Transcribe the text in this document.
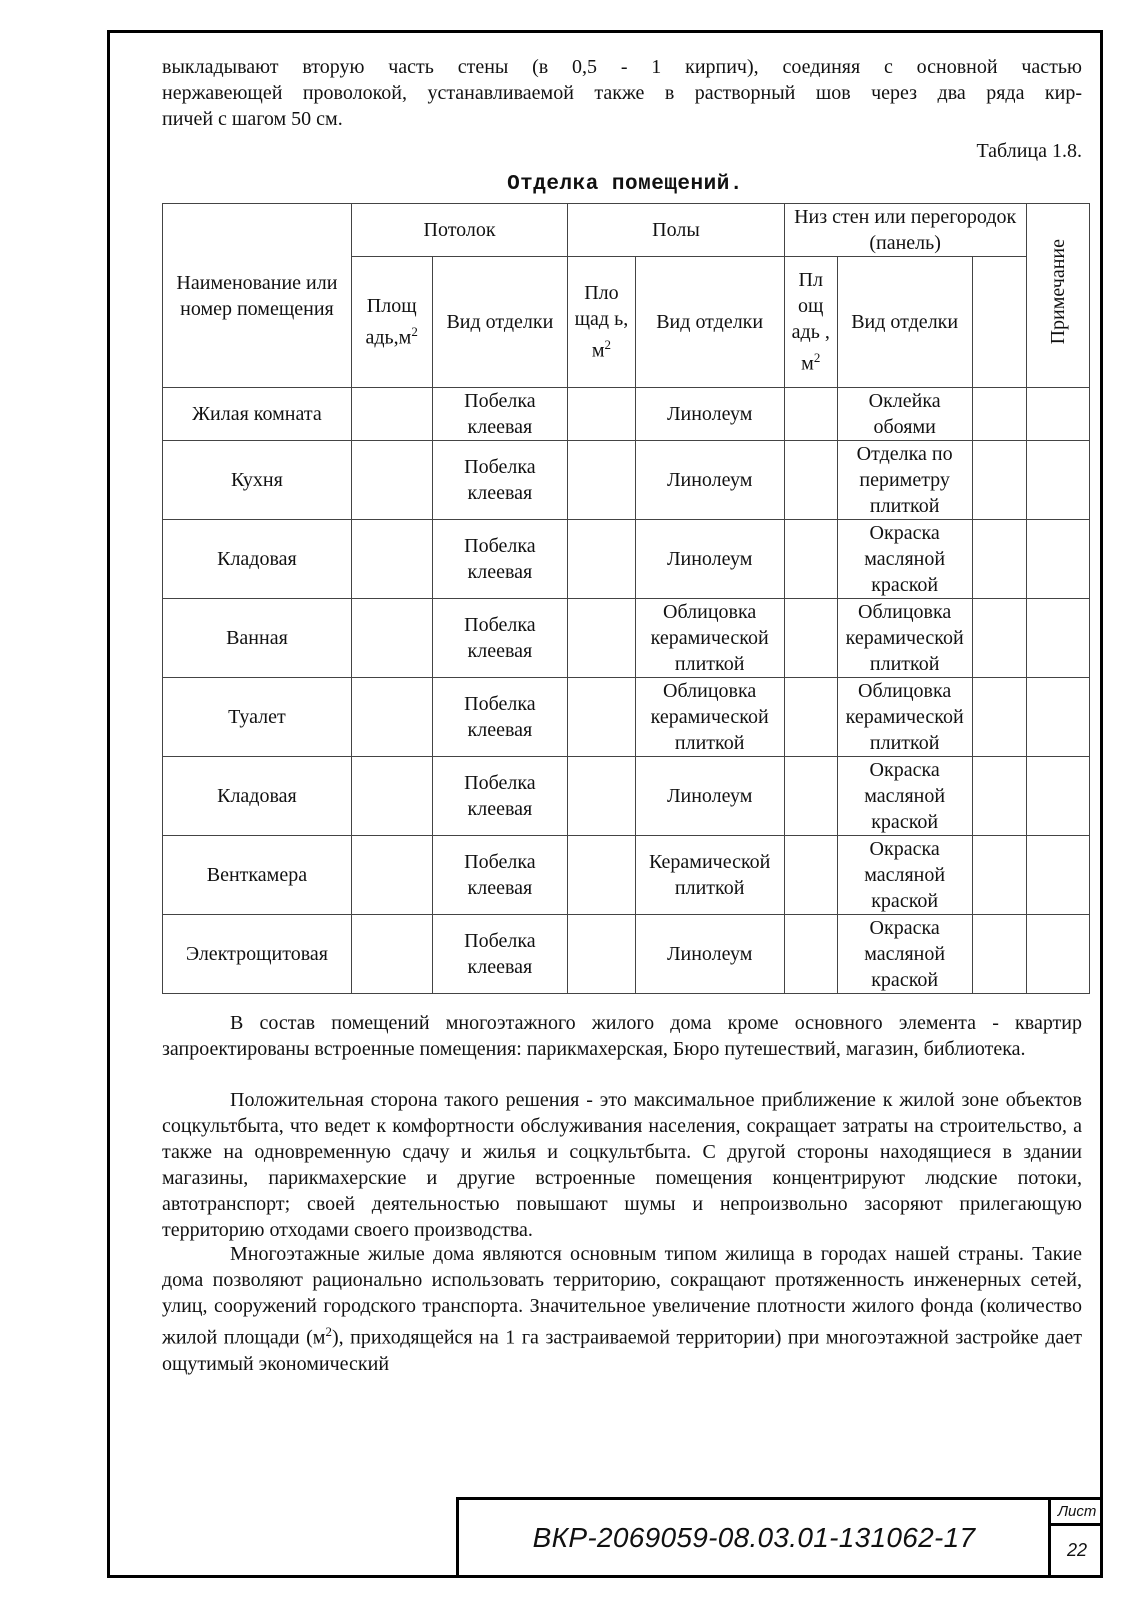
выкладывают вторую часть стены (в 0,5 - 1 кирпич), соединяя с основной частью
нержавеющей проволокой, устанавливаемой также в растворный шов через два ряда кир-
пичей с шагом 50 см.

Таблица 1.8.
Отделка помещений.
Наименование или номер помещения	Потолок		Полы		Низ стен или перегородок (панель)			Примечание
	Площ $адь,м^2$	Вид отделки	Пло щад ь, $м^2$	Вид отделки	Пл ощ адь , $м^2$	Вид отделки		
Жилая комната		Побелка клеевая		Линолеум		Оклейка обоями		
Кухня		Побелка клеевая		Линолеум		Отделка по периметру плиткой		
Кладовая		Побелка клеевая		Линолеум		Окраска масляной краской		
Ванная		Побелка клеевая		Облицовка керамической плиткой		Облицовка керамической плиткой		
Туалет		Побелка клеевая		Облицовка керамической плиткой		Облицовка керамической плиткой		
Кладовая		Побелка клеевая		Линолеум		Окраска масляной краской		
Венткамера		Побелка клеевая		Керамической плиткой		Окраска масляной краской		
Электрощитовая		Побелка клеевая		Линолеум		Окраска масляной краской		

В состав помещений многоэтажного жилого дома кроме основного элемента - квартир запроектированы встроенные помещения: парикмахерская, Бюро путешествий, магазин, библиотека.

Положительная сторона такого решения - это максимальное приближение к жилой зоне объектов соцкультбыта, что ведет к комфортности обслуживания населения, сокращает затраты на строительство, а также на одновременную сдачу и жилья и соцкультбыта. С другой стороны находящиеся в здании магазины, парикмахерские и другие встроенные помещения концентрируют людские потоки, автотранспорт; своей деятельностью повышают шумы и непроизвольно засоряют прилегающую территорию отходами своего производства.

Многоэтажные жилые дома являются основным типом жилища в городах нашей страны. Такие дома позволяют рационально использовать территорию, сокращают протяженность инженерных сетей, улиц, сооружений городского транспорта. Значительное увеличение плотности жилого фонда (количество жилой площади $(м^2)$, приходящейся на 1 га застраиваемой территории) при многоэтажной застройке дает ощутимый экономический

ВКР-2069059-08.03.01-131062-17
Лист
22
